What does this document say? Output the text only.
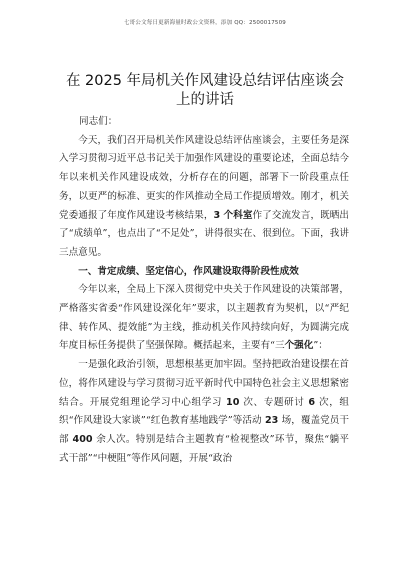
七哥公文每日更新海量时政公文资料，添加 QQ：2500017509
在 2025 年局机关作风建设总结评估座谈会上的讲话

同志们：

今天，我们召开局机关作风建设总结评估座谈会，主要任务是深入学习贯彻习近平总书记关于加强作风建设的重要论述，全面总结今年以来机关作风建设成效，分析存在的问题，部署下一阶段重点任务，以更严的标准、更实的作风推动全局工作提质增效。刚才，机关党委通报了年度作风建设考核结果，3 个科室作了交流发言，既晒出了“成绩单”，也点出了“不足处”，讲得很实在、很到位。下面，我讲三点意见。

一、肯定成绩、坚定信心，作风建设取得阶段性成效

今年以来，全局上下深入贯彻党中央关于作风建设的决策部署，严格落实省委“作风建设深化年”要求，以主题教育为契机，以“严纪律、转作风、提效能”为主线，推动机关作风持续向好，为圆满完成年度目标任务提供了坚强保障。概括起来，主要有“三个强化”：

一是强化政治引领，思想根基更加牢固。坚持把政治建设摆在首位，将作风建设与学习贯彻习近平新时代中国特色社会主义思想紧密结合。开展党组理论学习中心组学习 10 次、专题研讨 6 次，组织“作风建设大家谈”“红色教育基地践学”等活动 23 场，覆盖党员干部 400 余人次。特别是结合主题教育“检视整改”环节，聚焦“躺平式干部”“中梗阻”等作风问题，开展“政治
